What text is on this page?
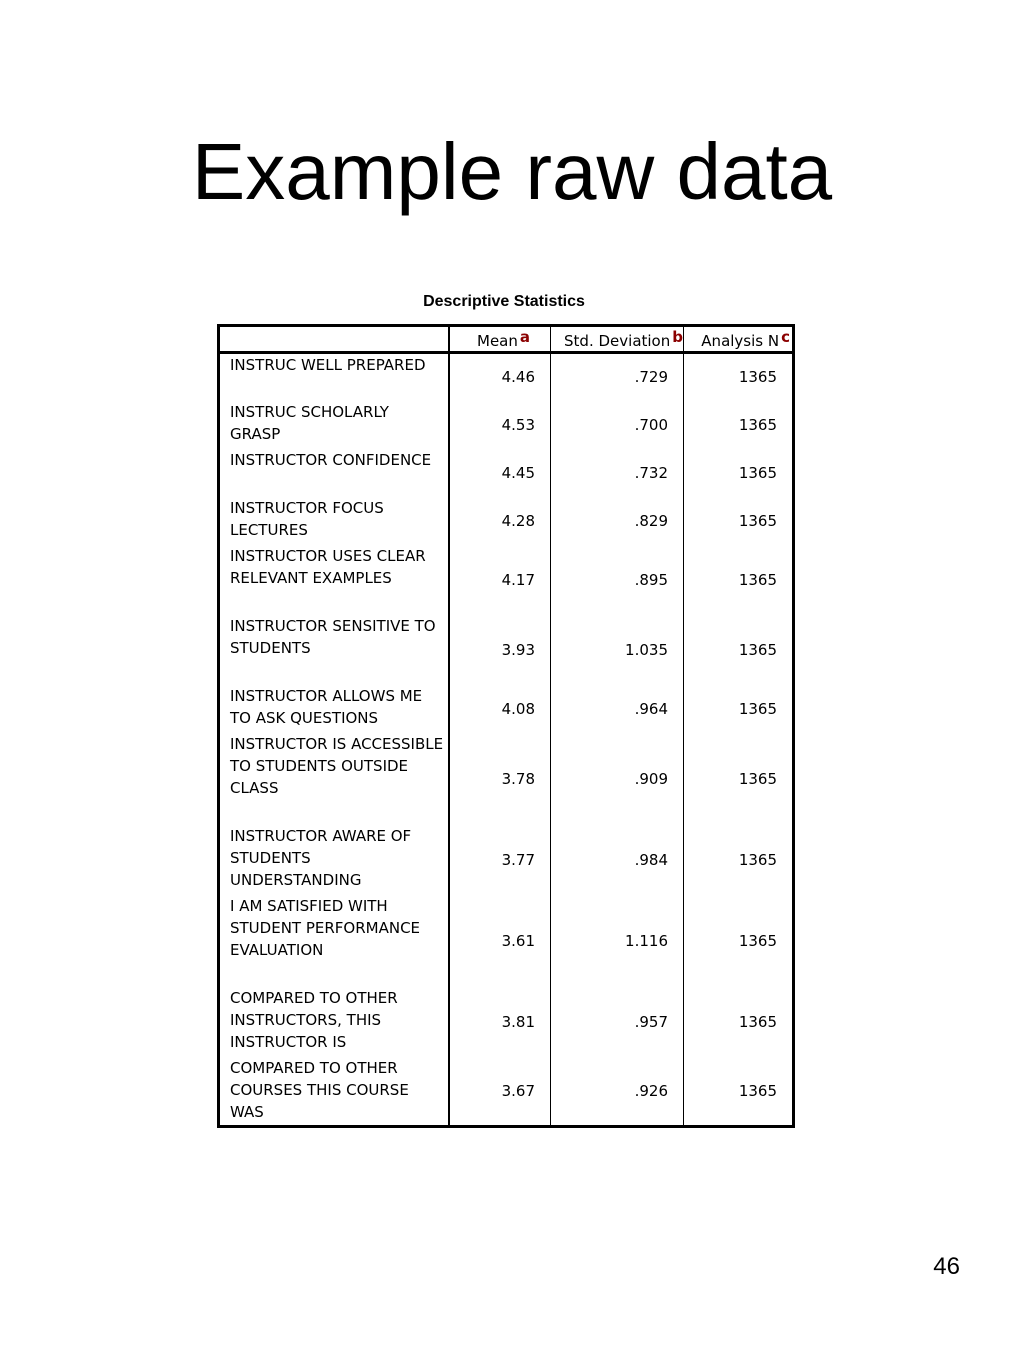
Example raw data
Descriptive Statistics
	Mean a	Std. Deviation b	Analysis N c
INSTRUC WELL PREPARED	4.46	.729	1365
INSTRUC SCHOLARLY GRASP	4.53	.700	1365
INSTRUCTOR CONFIDENCE	4.45	.732	1365
INSTRUCTOR FOCUS LECTURES	4.28	.829	1365
INSTRUCTOR USES CLEAR RELEVANT EXAMPLES	4.17	.895	1365
INSTRUCTOR SENSITIVE TO STUDENTS	3.93	1.035	1365
INSTRUCTOR ALLOWS ME TO ASK QUESTIONS	4.08	.964	1365
INSTRUCTOR IS ACCESSIBLE TO STUDENTS OUTSIDE CLASS	3.78	.909	1365
INSTRUCTOR AWARE OF STUDENTS UNDERSTANDING	3.77	.984	1365
I AM SATISFIED WITH STUDENT PERFORMANCE EVALUATION	3.61	1.116	1365
COMPARED TO OTHER INSTRUCTORS, THIS INSTRUCTOR IS	3.81	.957	1365
COMPARED TO OTHER COURSES THIS COURSE WAS	3.67	.926	1365
46
